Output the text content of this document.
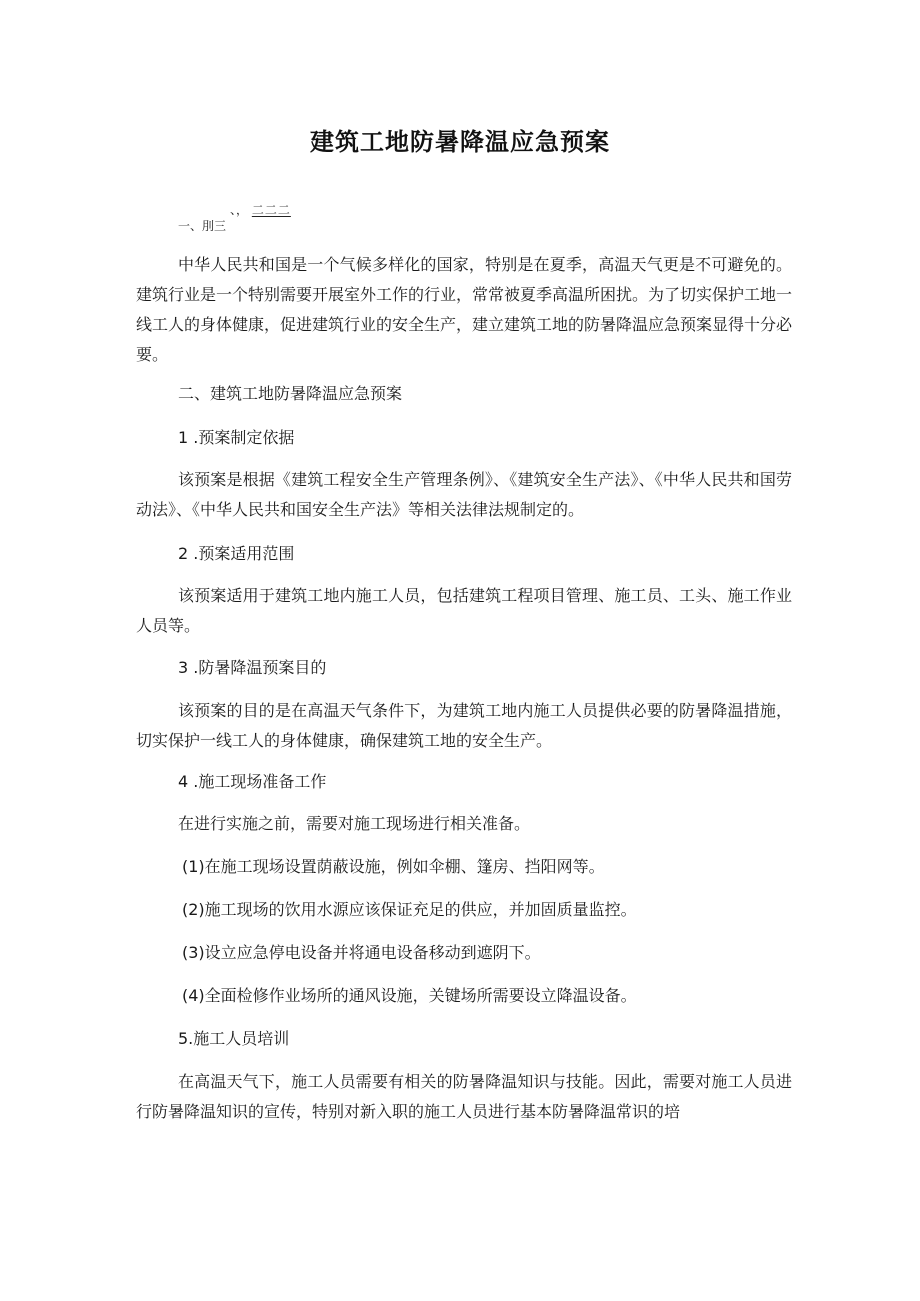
建筑工地防暑降温应急预案
、， 二二二
一、刖三

中华人民共和国是一个气候多样化的国家，特别是在夏季，高温天气更是不可避免的。建筑行业是一个特别需要开展室外工作的行业，常常被夏季高温所困扰。为了切实保护工地一线工人的身体健康，促进建筑行业的安全生产，建立建筑工地的防暑降温应急预案显得十分必要。

二、建筑工地防暑降温应急预案
1 .预案制定依据

该预案是根据《建筑工程安全生产管理条例》、《建筑安全生产法》、《中华人民共和国劳动法》、《中华人民共和国安全生产法》等相关法律法规制定的。

2 .预案适用范围

该预案适用于建筑工地内施工人员，包括建筑工程项目管理、施工员、工头、施工作业人员等。

3 .防暑降温预案目的

该预案的目的是在高温天气条件下，为建筑工地内施工人员提供必要的防暑降温措施，切实保护一线工人的身体健康，确保建筑工地的安全生产。

4 .施工现场准备工作
在进行实施之前，需要对施工现场进行相关准备。
(1)在施工现场设置荫蔽设施，例如伞棚、篷房、挡阳网等。
(2)施工现场的饮用水源应该保证充足的供应，并加固质量监控。
(3)设立应急停电设备并将通电设备移动到遮阴下。
(4)全面检修作业场所的通风设施，关键场所需要设立降温设备。
5.施工人员培训

在高温天气下，施工人员需要有相关的防暑降温知识与技能。因此，需要对施工人员进行防暑降温知识的宣传，特别对新入职的施工人员进行基本防暑降温常识的培
